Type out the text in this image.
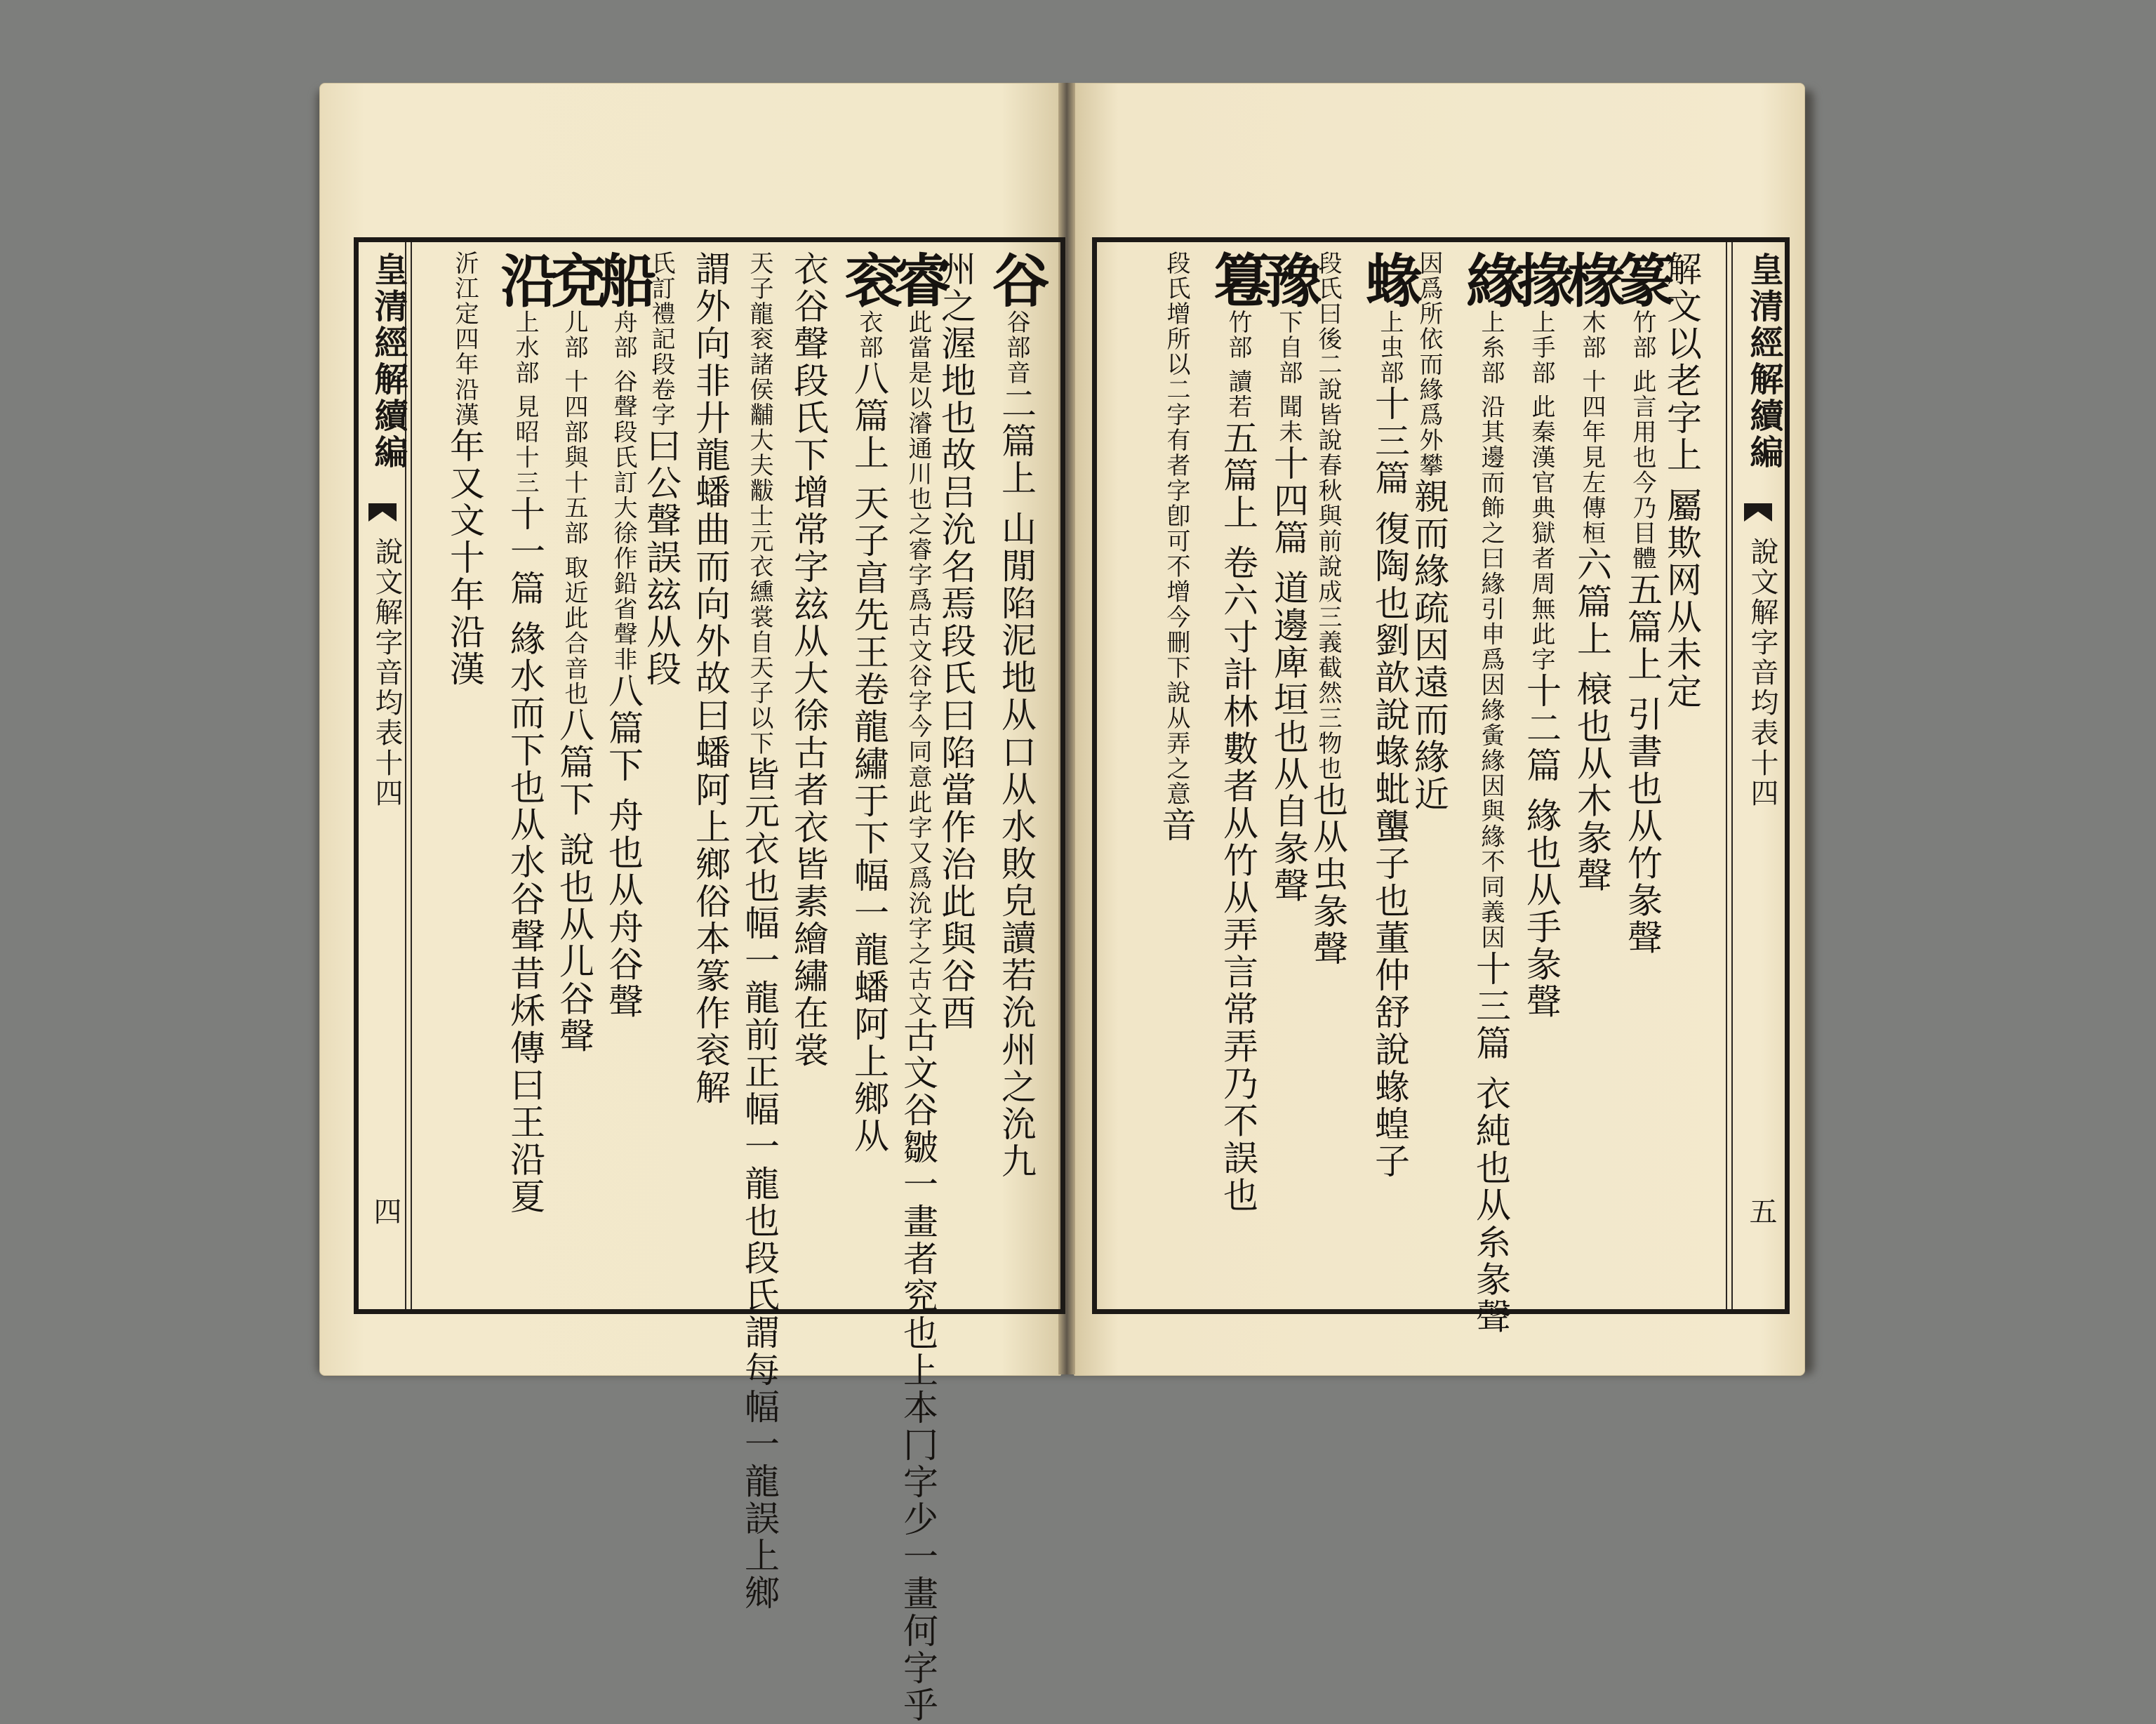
皇清經解續編
說文解字音均表十四
四
谷谷部音二篇上 山閒陷泥地从口从水敗皃讀若沇州之沇九
州之渥地也故吕沇名焉段氏曰陷當作治此與谷酉
睿此當是以濬通川也之睿字爲古文谷字今同意此字又爲沇字之古文古文谷皺一畫者䆓也上本冂字少一畫何字乎
衮衣部八篇上 天子亯先王卷龍繡于下幅一龍蟠阿上鄉从
衣谷聲段氏下增常字玆从大徐古者衣皆素繪繡在裳
天子龍衮諸侯黼大夫黻士元衣纁裳自天子以下皆元衣也幅一龍前正幅一龍也段氏謂每幅一龍誤上鄉
謂外向非廾龍蟠曲而向外故曰蟠阿上鄉俗本篆作衮解
氏訂禮記段卷字曰公聲誤玆从段
船舟部 谷聲段氏訂大徐作鉛省聲非八篇下 舟也从舟谷聲
兗儿部 十四部與十五部 取近此合音也八篇下 說也从儿谷聲
沿上水部 見昭十三十一篇 緣水而下也从水谷聲昔秌傳曰王沿夏
沂江定四年沿漢年又文十年沿漢
皇清經解續編
說文解字音均表十四
五
解文以老字上 屬欺网从未定
篆竹部 此言用也今乃目體五篇上 引書也从竹彖聲
椽木部 十四年見左傳桓六篇上 榱也从木彖聲
掾上手部 此秦漢官典獄者周無此字十二篇 緣也从手彖聲
緣上糸部 沿其邊而飾之曰緣引申爲因緣夤緣因與緣不同義因十三篇 衣純也从糸彖聲
因爲所依而緣爲外攀親而緣疏因遠而緣近
蝝上虫部十三篇 復陶也劉歆說蝝蚍蠪子也董仲舒說蝝蝗子
段氏曰後二說皆說春秋與前說成三義截然三物也也从虫彖聲
豫下自部 聞未十四篇 道邊庳垣也从自彖聲
篹竹部 讀若五篇上 卷六寸計林數者从竹从弄言常弄乃不誤也
段氏增所以二字有者字卽可不增今刪下說从弄之意音
